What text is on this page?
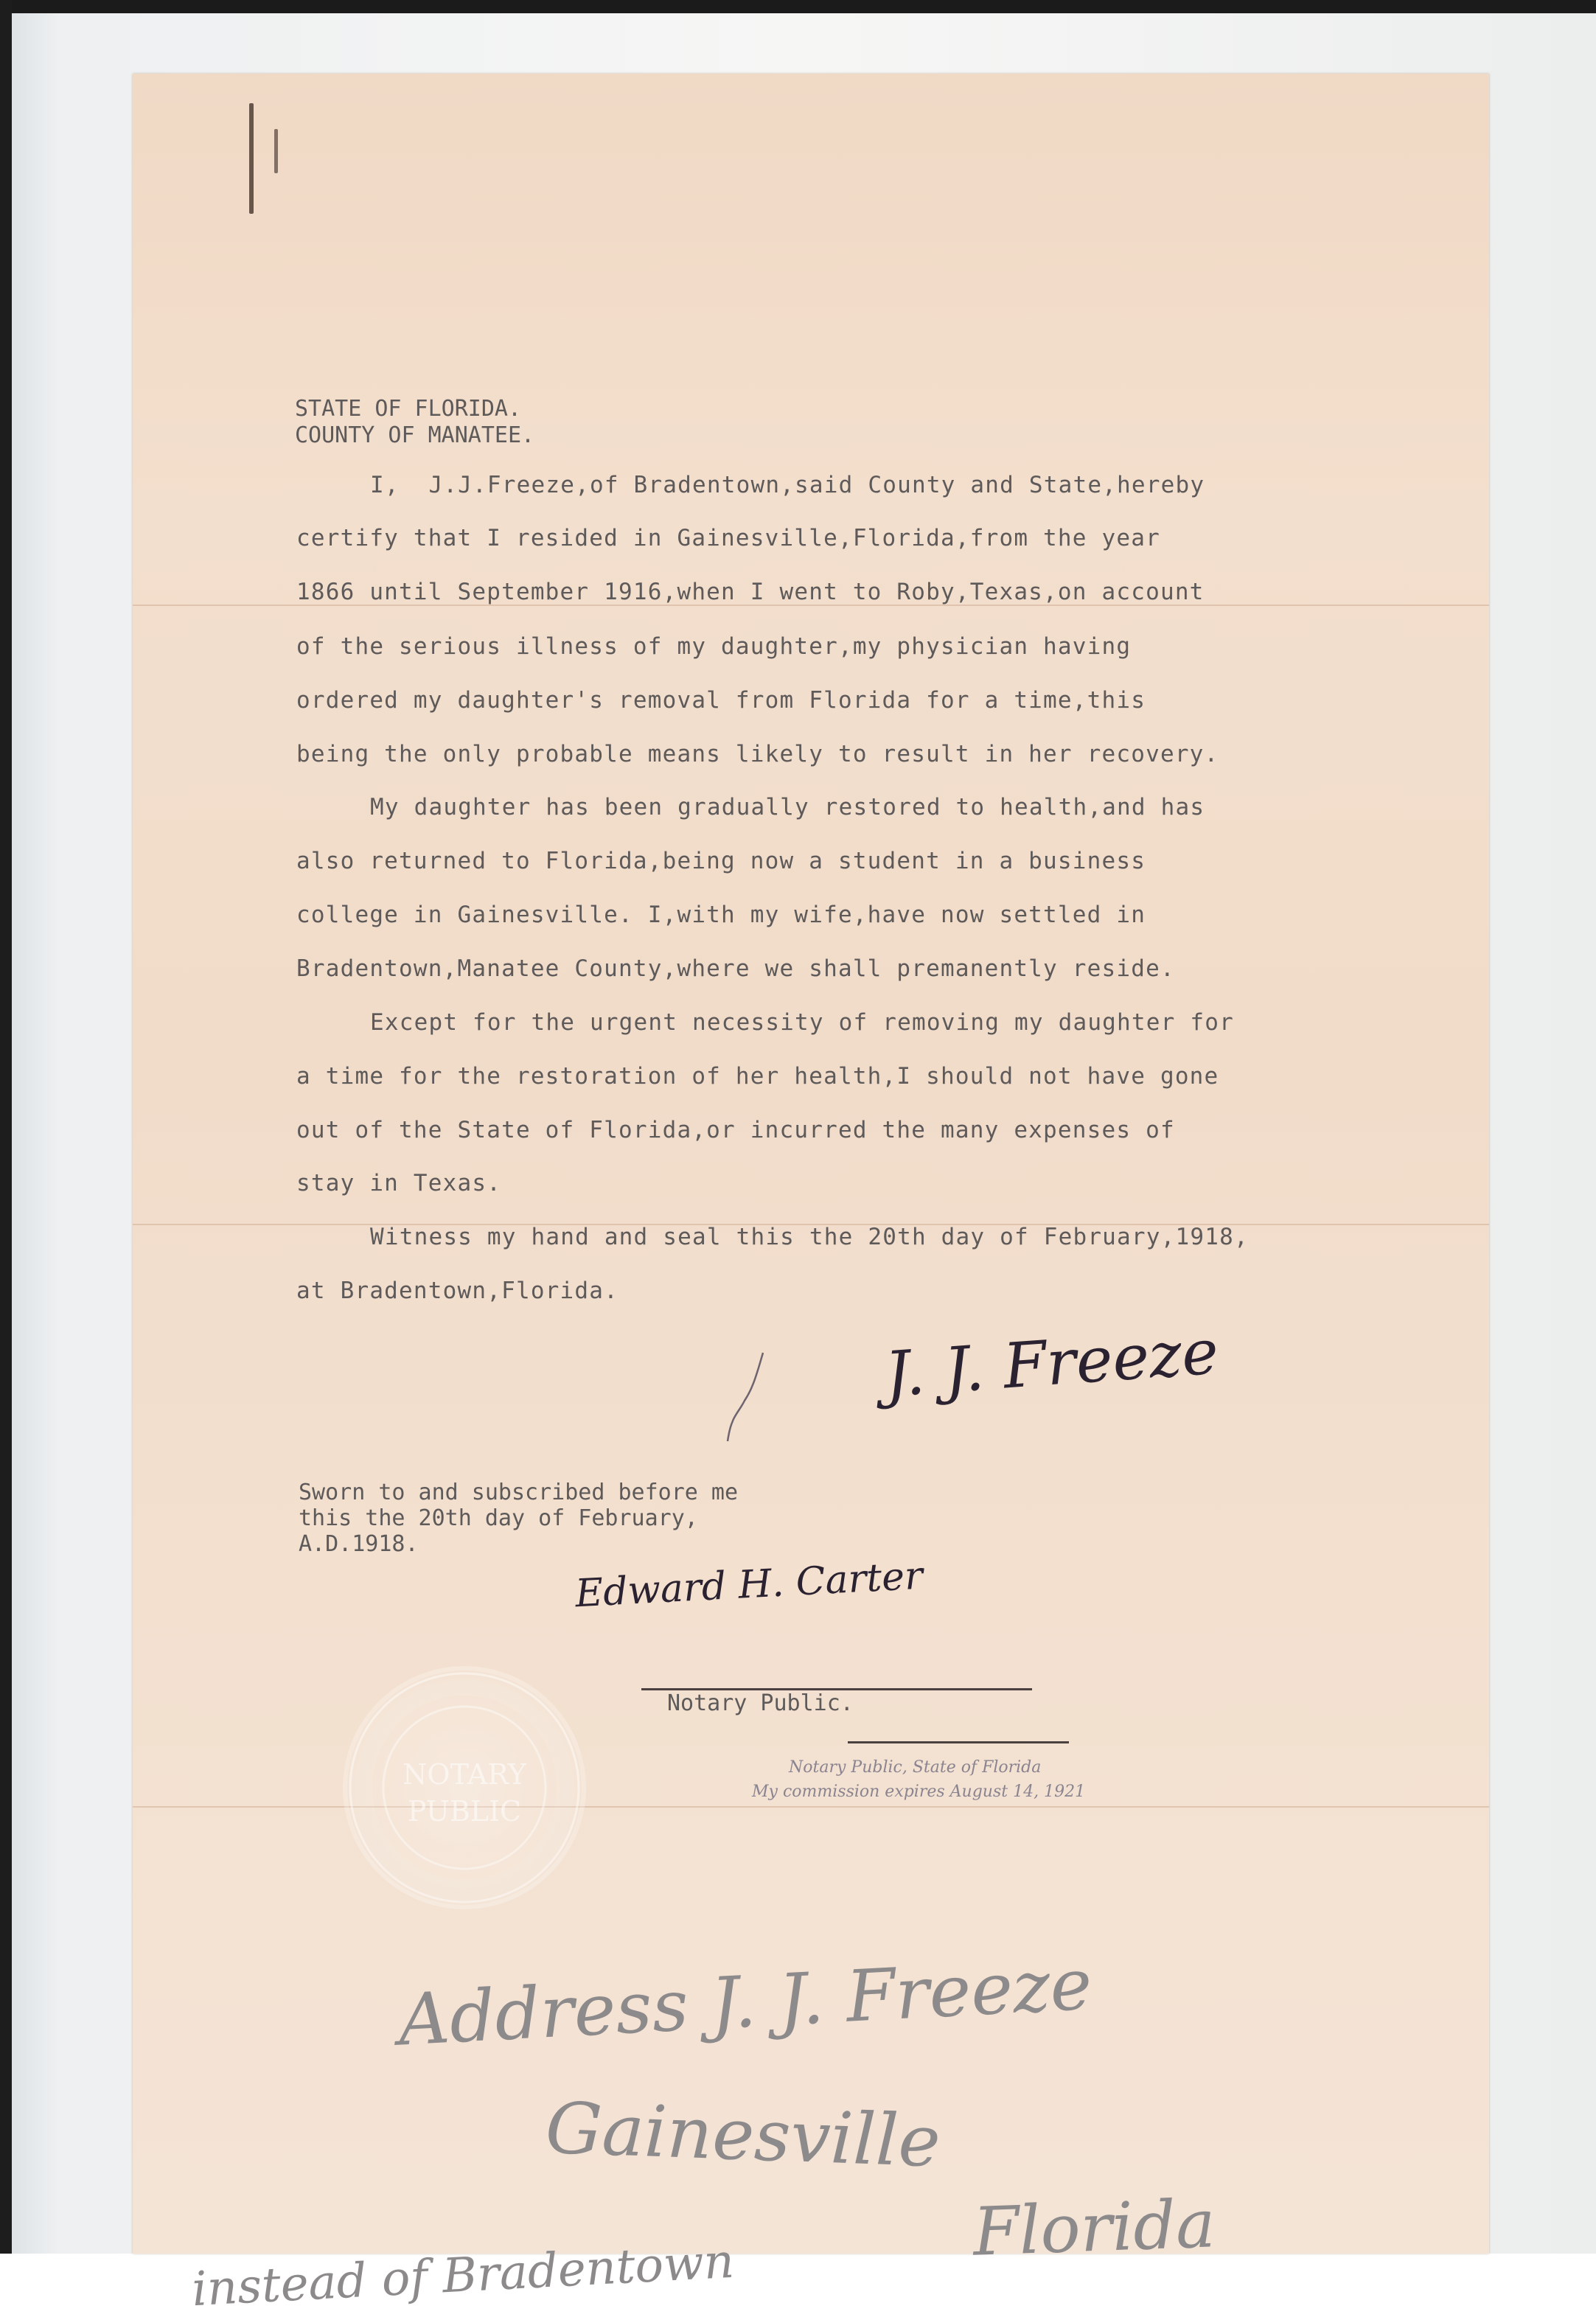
STATE OF FLORIDA.
COUNTY OF MANATEE.
I,  J.J.Freeze,of Bradentown,said County and State,hereby
certify that I resided in Gainesville,Florida,from the year
1866 until September 1916,when I went to Roby,Texas,on account
of the serious illness of my daughter,my physician having
ordered my daughter's removal from Florida for a time,this
being the only probable means likely to result in her recovery.
My daughter has been gradually restored to health,and has
also returned to Florida,being now a student in a business
college in Gainesville. I,with my wife,have now settled in
Bradentown,Manatee County,where we shall premanently reside.
Except for the urgent necessity of removing my daughter for
a time for the restoration of her health,I should not have gone
out of the State of Florida,or incurred the many expenses of
stay in Texas.
Witness my hand and seal this the 20th day of February,1918,
at Bradentown,Florida.
J. J. Freeze
Sworn to and subscribed before me
this the 20th day of February,
A.D.1918.
Edward H. Carter
Notary Public.
Notary Public, State of Florida
My commission expires August 14, 1921
NOTARY
PUBLIC
Address J. J. Freeze
Gainesville
Florida
instead of Bradentown
